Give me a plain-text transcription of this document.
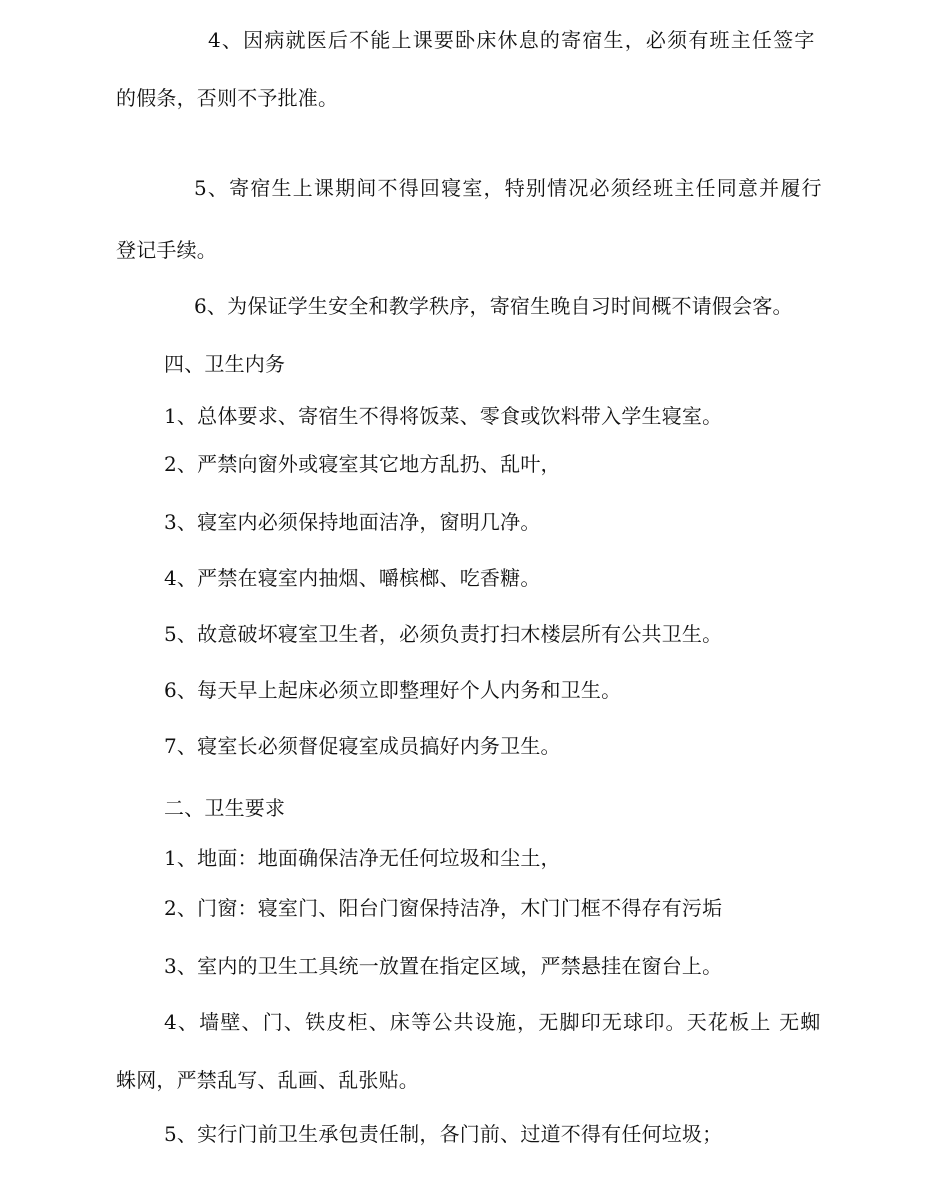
4、因病就医后不能上课要卧床休息的寄宿生，必须有班主任签字
的假条，否则不予批准。
5、寄宿生上课期间不得回寝室，特别情况必须经班主任同意并履行
登记手续。
6、为保证学生安全和教学秩序，寄宿生晚自习时间概不请假会客。
四、卫生内务
1、总体要求、寄宿生不得将饭菜、零食或饮料带入学生寝室。
2、严禁向窗外或寝室其它地方乱扔、乱叶，
3、寝室内必须保持地面洁净，窗明几净。
4、严禁在寝室内抽烟、嚼槟榔、吃香糖。
5、故意破坏寝室卫生者，必须负责打扫木楼层所有公共卫生。
6、每天早上起床必须立即整理好个人内务和卫生。
7、寝室长必须督促寝室成员搞好内务卫生。
二、卫生要求
1、地面：地面确保洁净无任何垃圾和尘土，
2、门窗：寝室门、阳台门窗保持洁净，木门门框不得存有污垢
3、室内的卫生工具统一放置在指定区域，严禁悬挂在窗台上。
4、墙壁、门、铁皮柜、床等公共设施，无脚印无球印。天花板上 无蜘
蛛网，严禁乱写、乱画、乱张贴。
5、实行门前卫生承包责任制，各门前、过道不得有任何垃圾；
